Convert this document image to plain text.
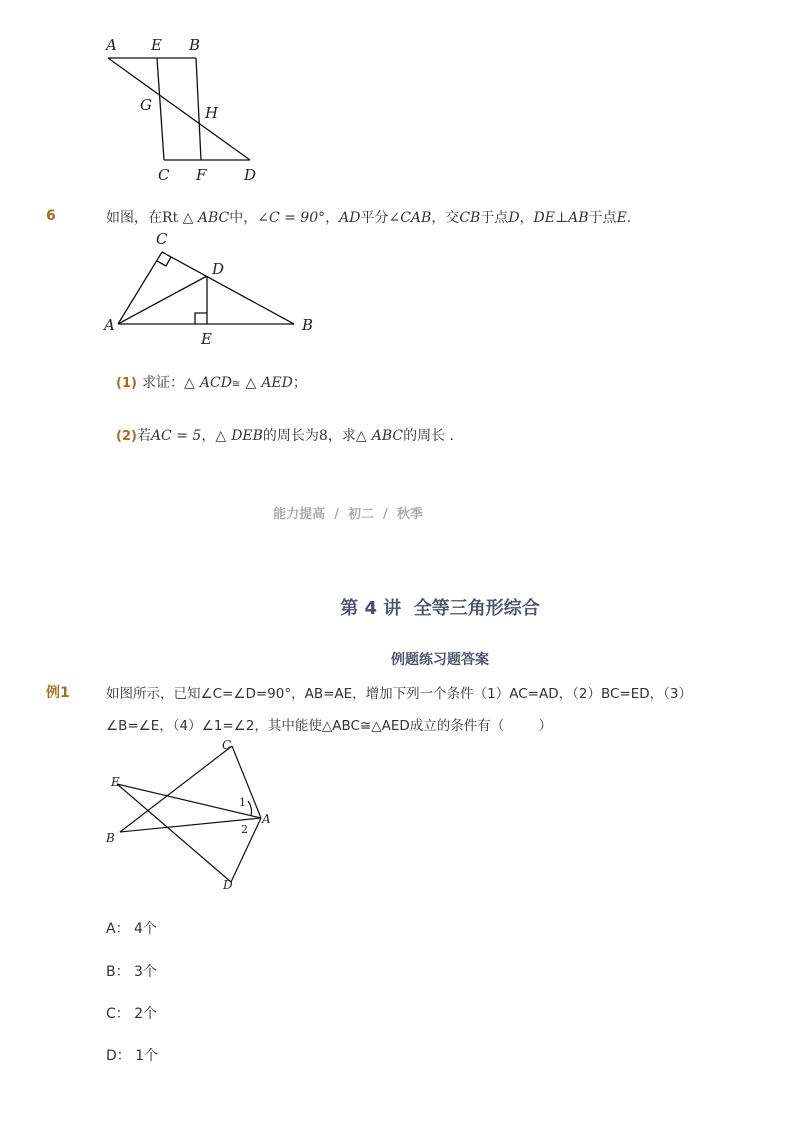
A E B
G	H
C F	D
6	如图，在Rt △ ABC中，∠C = 90°，AD平分∠CAB，交CB于点D，DE⊥AB于点E.
C
D
A
E
B
(1) 求证：△ ACD≅ △ AED；
(2)若AC = 5，△ DEB的周长为8，求△ ABC的周长 .
能力提高  /  初二  /  秋季
第 4 讲  全等三角形综合
例题练习题答案
例1	如图所示，已知∠C=∠D=90°，AB=AE，增加下列一个条件（1）AC=AD，（2）BC=ED，（3）
∠B=∠E，（4）∠1=∠2，其中能使△ABC≅△AED成立的条件有（        ）
C
E
1
A
2
B
D
A： 4个
B： 3个
C： 2个
D： 1个
